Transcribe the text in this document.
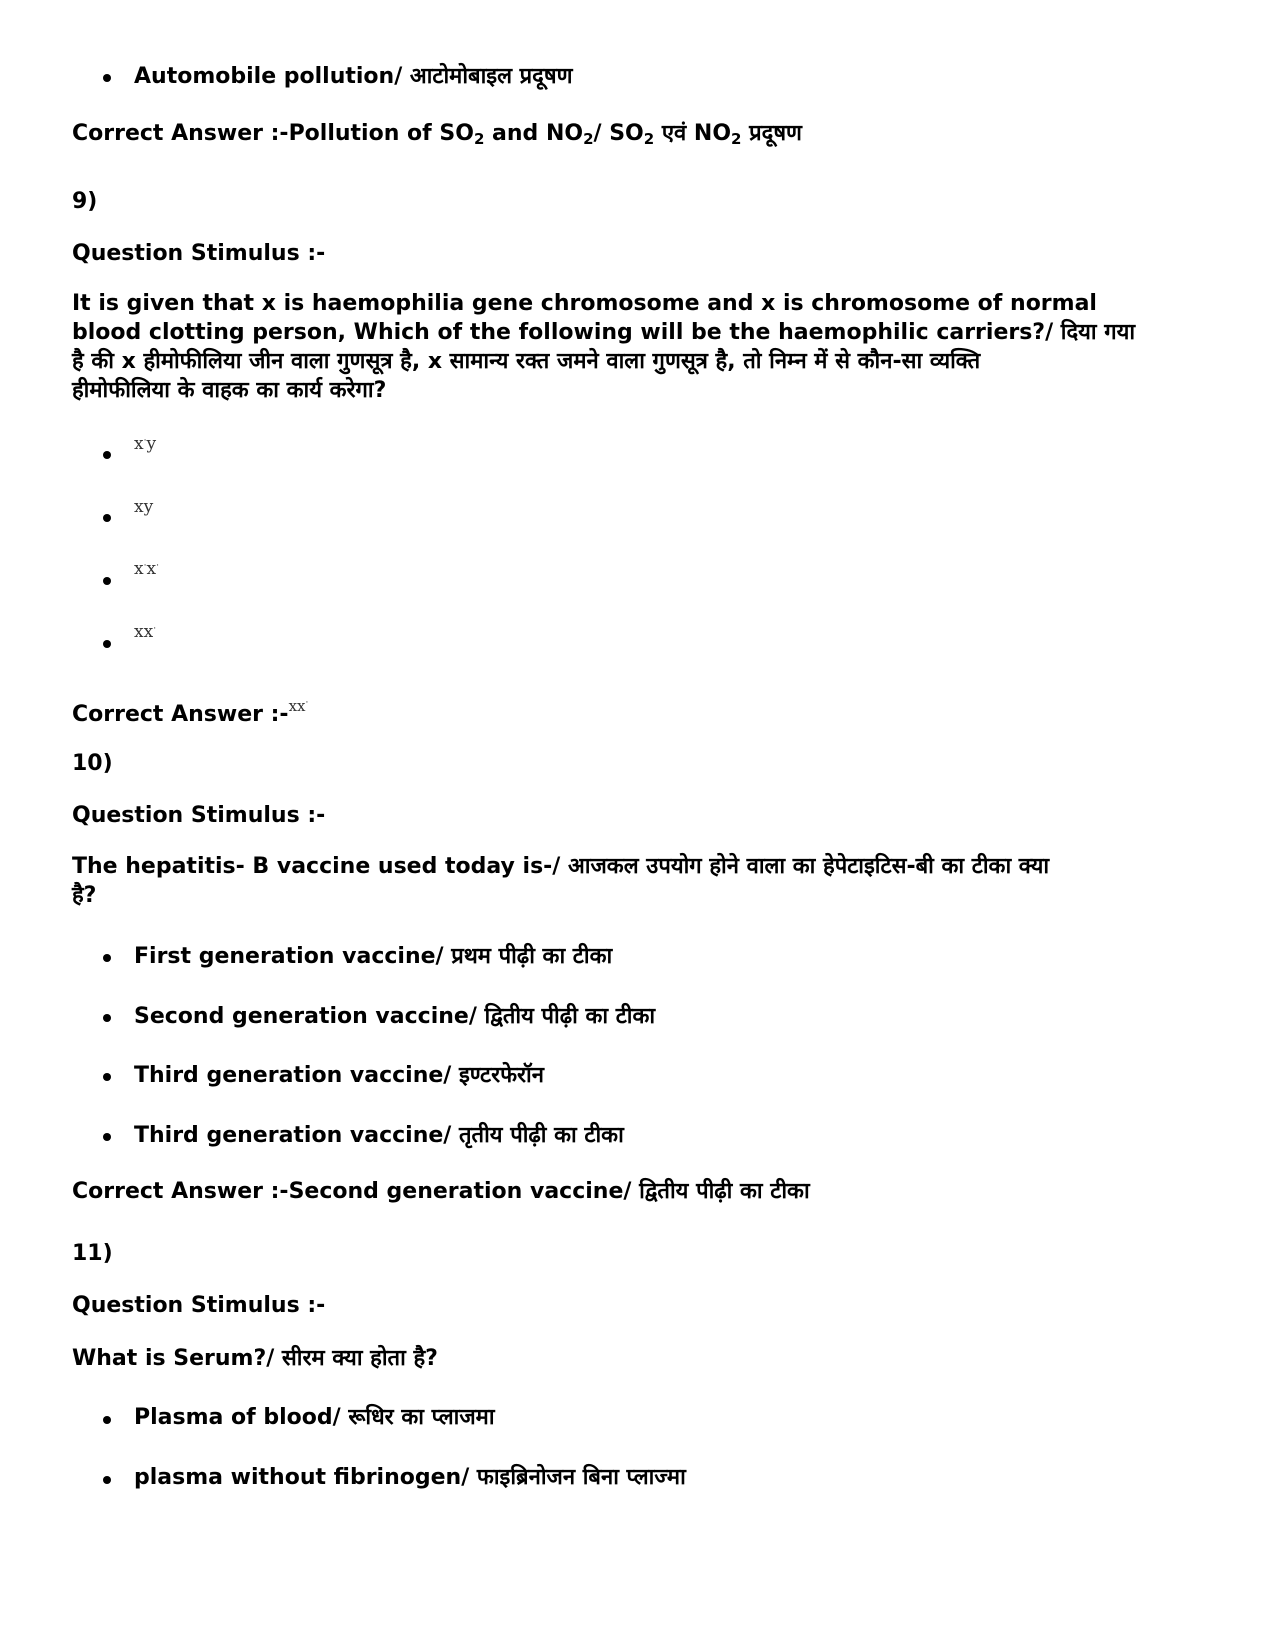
Automobile pollution/ आटोमोबाइल प्रदूषण
Correct Answer :-Pollution of $SO_2$ and $NO_2/$ $SO_2$ एवं $NO_2$ प्रदूषण
9)
Question Stimulus :-
It is given that x is haemophilia gene chromosome and x is chromosome of normal
blood clotting person, Which of the following will be the haemophilic carriers?/ दिया गया
है की x हीमोफीलिया जीन वाला गुणसूत्र है, x सामान्य रक्त जमने वाला गुणसूत्र है, तो निम्न में से कौन-सा व्यक्ति
हीमोफीलिया के वाहक का कार्य करेगा?
x·y
xy
x·x·
xx·
Correct Answer :-$^{xx^\cdot}$
10)
Question Stimulus :-
The hepatitis- B vaccine used today is-/ आजकल उपयोग होने वाला का हेपेटाइटिस-बी का टीका क्या
है?
First generation vaccine/ प्रथम पीढ़ी का टीका
Second generation vaccine/ द्वितीय पीढ़ी का टीका
Third generation vaccine/ इण्टरफेरॉन
Third generation vaccine/ तृतीय पीढ़ी का टीका
Correct Answer :-Second generation vaccine/ द्वितीय पीढ़ी का टीका
11)
Question Stimulus :-
What is Serum?/ सीरम क्या होता है?
Plasma of blood/ रूधिर का प्लाजमा
plasma without fibrinogen/ फाइब्रिनोजन बिना प्लाज्मा
